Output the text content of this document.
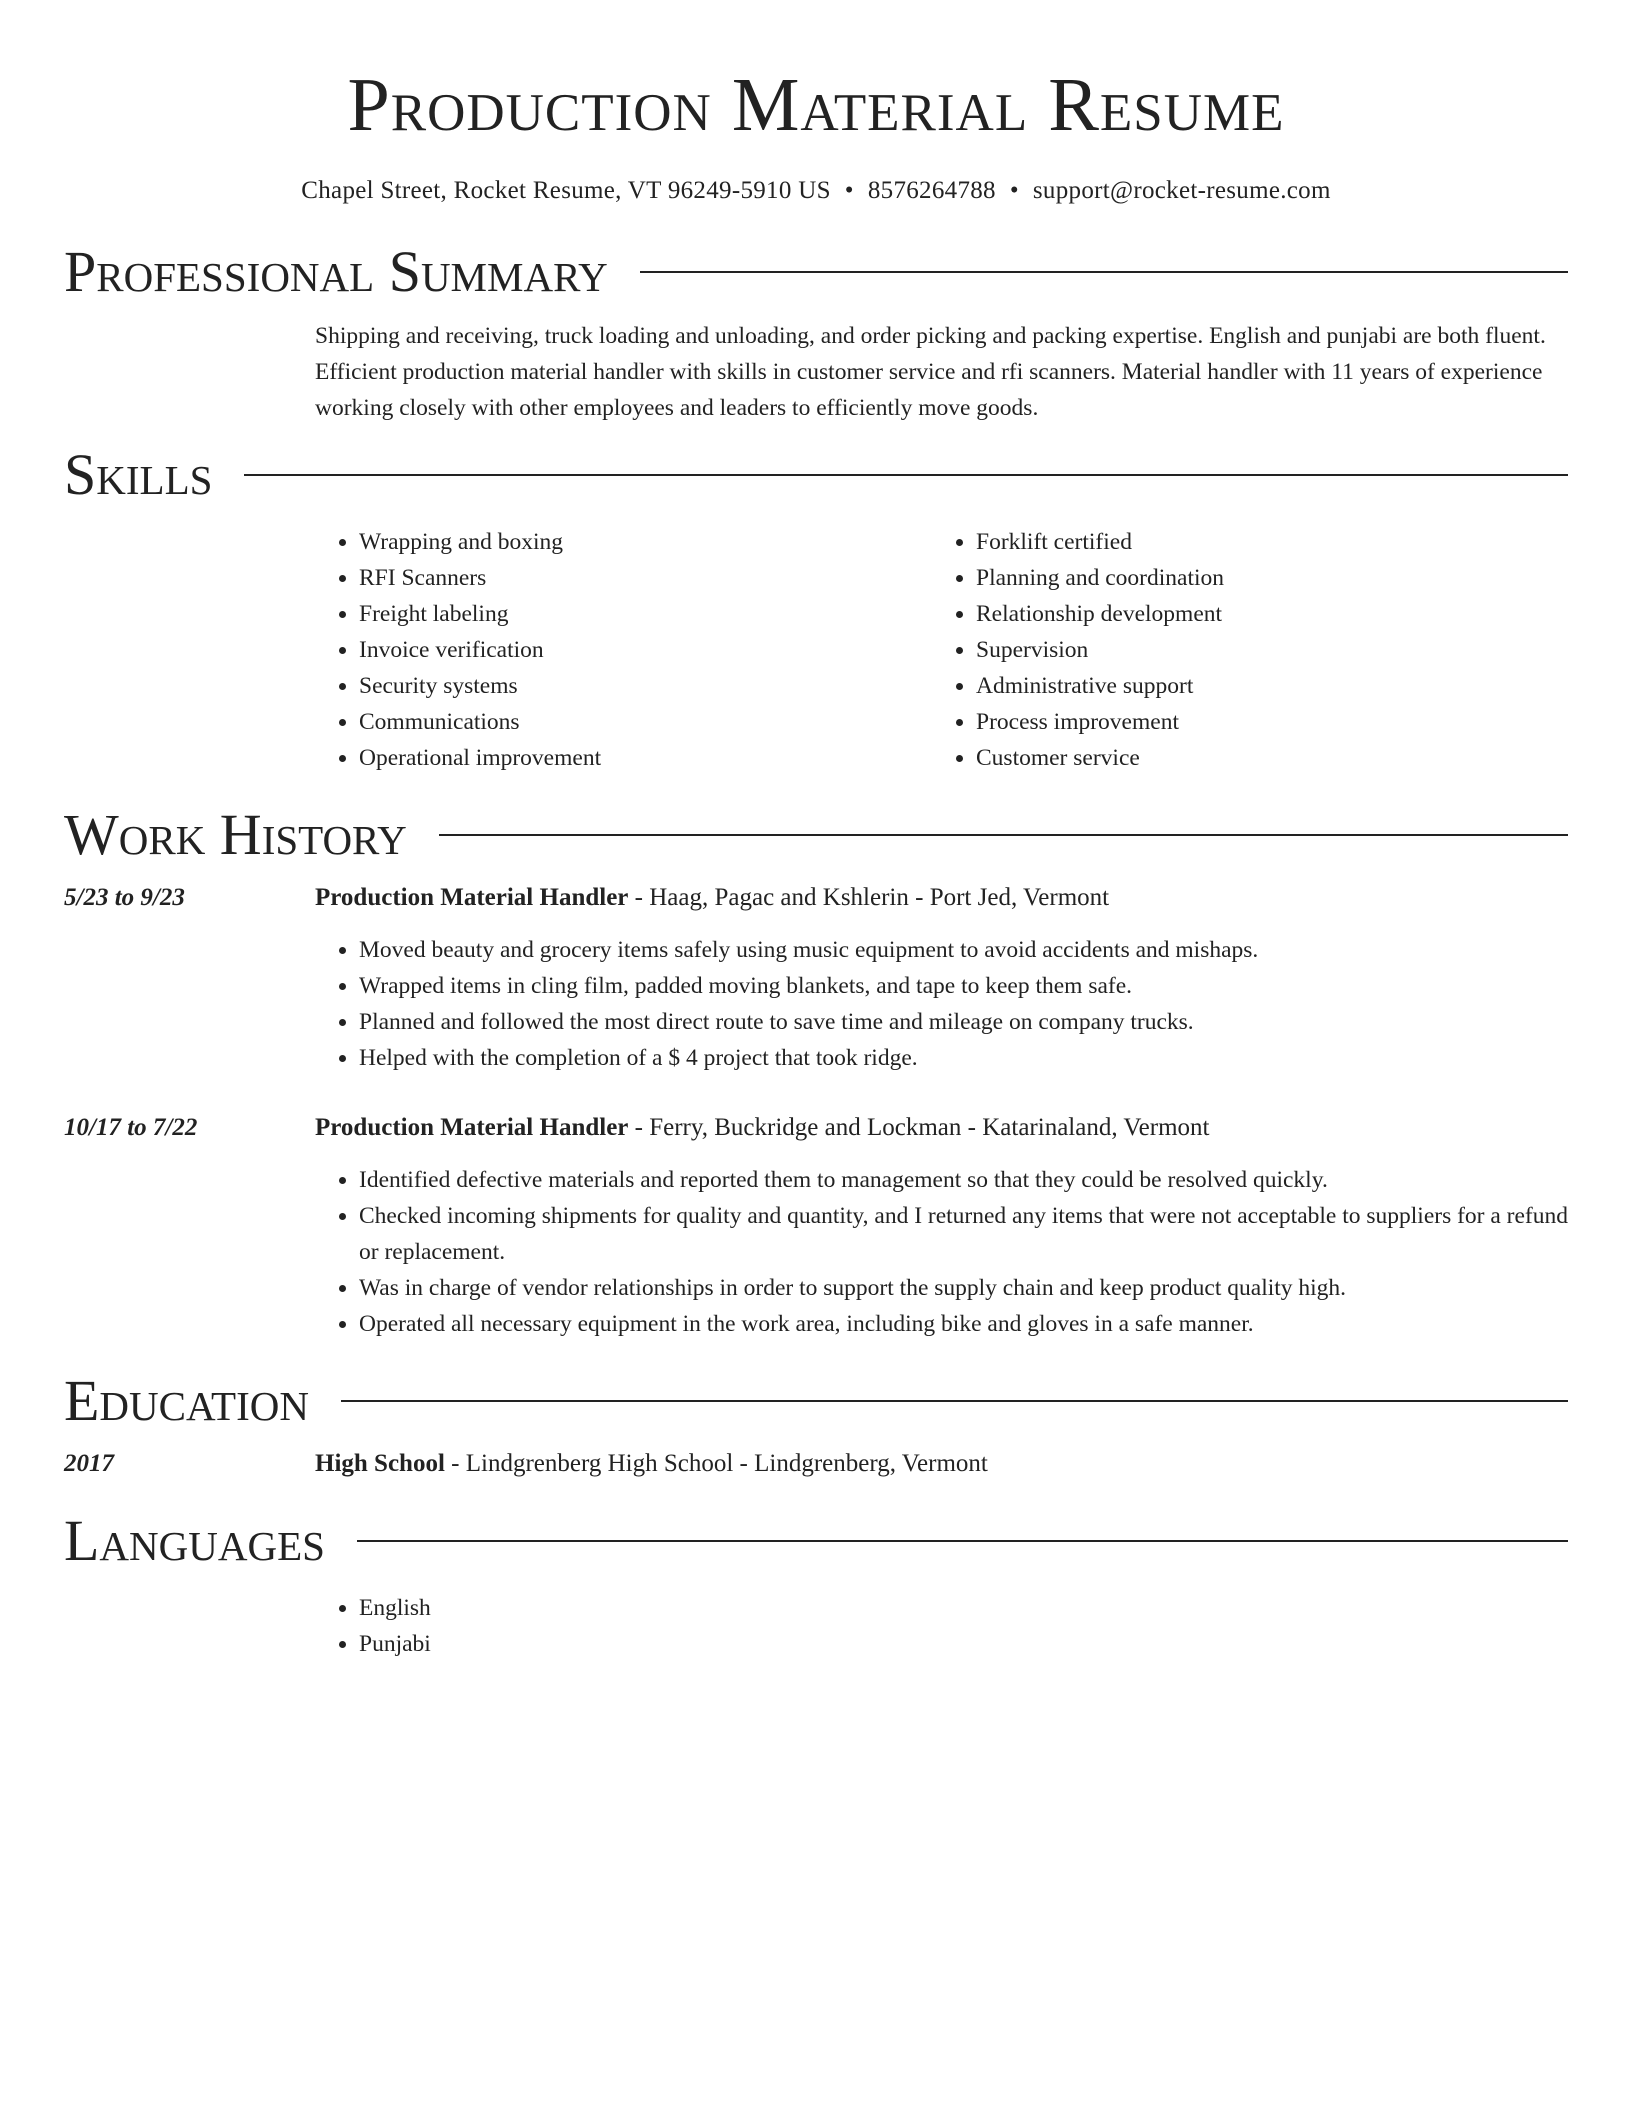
Production Material Resume
Chapel Street, Rocket Resume, VT 96249-5910 US • 8576264788 • support@rocket-resume.com
Professional Summary

Shipping and receiving, truck loading and unloading, and order picking and packing expertise. English and punjabi are both fluent. Efficient production material handler with skills in customer service and rfi scanners. Material handler with 11 years of experience working closely with other employees and leaders to efficiently move goods.

Skills
• Wrapping and boxing
• RFI Scanners
• Freight labeling
• Invoice verification
• Security systems
• Communications
• Operational improvement
• Forklift certified
• Planning and coordination
• Relationship development
• Supervision
• Administrative support
• Process improvement
• Customer service
Work History
5/23 to 9/23	Production Material Handler - Haag, Pagac and Kshlerin - Port Jed, Vermont
• Moved beauty and grocery items safely using music equipment to avoid accidents and mishaps.
• Wrapped items in cling film, padded moving blankets, and tape to keep them safe.
• Planned and followed the most direct route to save time and mileage on company trucks.
• Helped with the completion of a $ 4 project that took ridge.
10/17 to 7/22	Production Material Handler - Ferry, Buckridge and Lockman - Katarinaland, Vermont
• Identified defective materials and reported them to management so that they could be resolved quickly.
• Checked incoming shipments for quality and quantity, and I returned any items that were not acceptable to suppliers for a refund or replacement.
• Was in charge of vendor relationships in order to support the supply chain and keep product quality high.
• Operated all necessary equipment in the work area, including bike and gloves in a safe manner.
Education
2017	High School - Lindgrenberg High School - Lindgrenberg, Vermont
Languages
• English
• Punjabi
